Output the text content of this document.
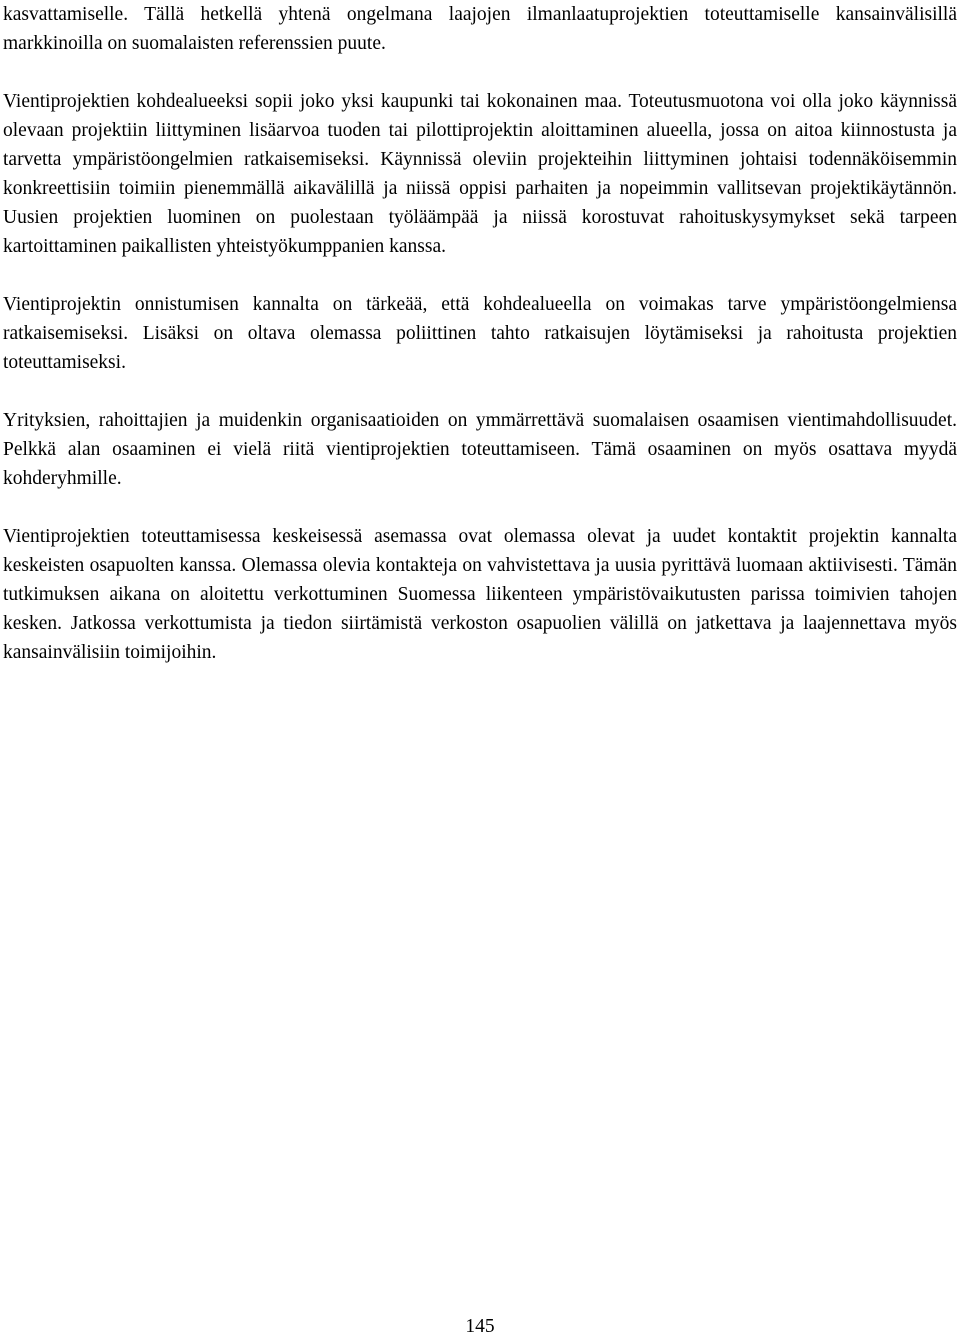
kasvattamiselle. Tällä hetkellä yhtenä ongelmana laajojen ilmanlaatuprojektien toteuttamiselle kansainvälisillä markkinoilla on suomalaisten referenssien puute.

Vientiprojektien kohdealueeksi sopii joko yksi kaupunki tai kokonainen maa. Toteutusmuotona voi olla joko käynnissä olevaan projektiin liittyminen lisäarvoa tuoden tai pilottiprojektin aloittaminen alueella, jossa on aitoa kiinnostusta ja tarvetta ympäristöongelmien ratkaisemiseksi. Käynnissä oleviin projekteihin liittyminen johtaisi todennäköisemmin konkreettisiin toimiin pienemmällä aikavälillä ja niissä oppisi parhaiten ja nopeimmin vallitsevan projektikäytännön. Uusien projektien luominen on puolestaan työläämpää ja niissä korostuvat rahoituskysymykset sekä tarpeen kartoittaminen paikallisten yhteistyökumppanien kanssa.

Vientiprojektin onnistumisen kannalta on tärkeää, että kohdealueella on voimakas tarve ympäristöongelmiensa ratkaisemiseksi. Lisäksi on oltava olemassa poliittinen tahto ratkaisujen löytämiseksi ja rahoitusta projektien toteuttamiseksi.

Yrityksien, rahoittajien ja muidenkin organisaatioiden on ymmärrettävä suomalaisen osaamisen vientimahdollisuudet. Pelkkä alan osaaminen ei vielä riitä vientiprojektien toteuttamiseen. Tämä osaaminen on myös osattava myydä kohderyhmille.

Vientiprojektien toteuttamisessa keskeisessä asemassa ovat olemassa olevat ja uudet kontaktit projektin kannalta keskeisten osapuolten kanssa. Olemassa olevia kontakteja on vahvistettava ja uusia pyrittävä luomaan aktiivisesti. Tämän tutkimuksen aikana on aloitettu verkottuminen Suomessa liikenteen ympäristövaikutusten parissa toimivien tahojen kesken. Jatkossa verkottumista ja tiedon siirtämistä verkoston osapuolien välillä on jatkettava ja laajennettava myös kansainvälisiin toimijoihin.

145
